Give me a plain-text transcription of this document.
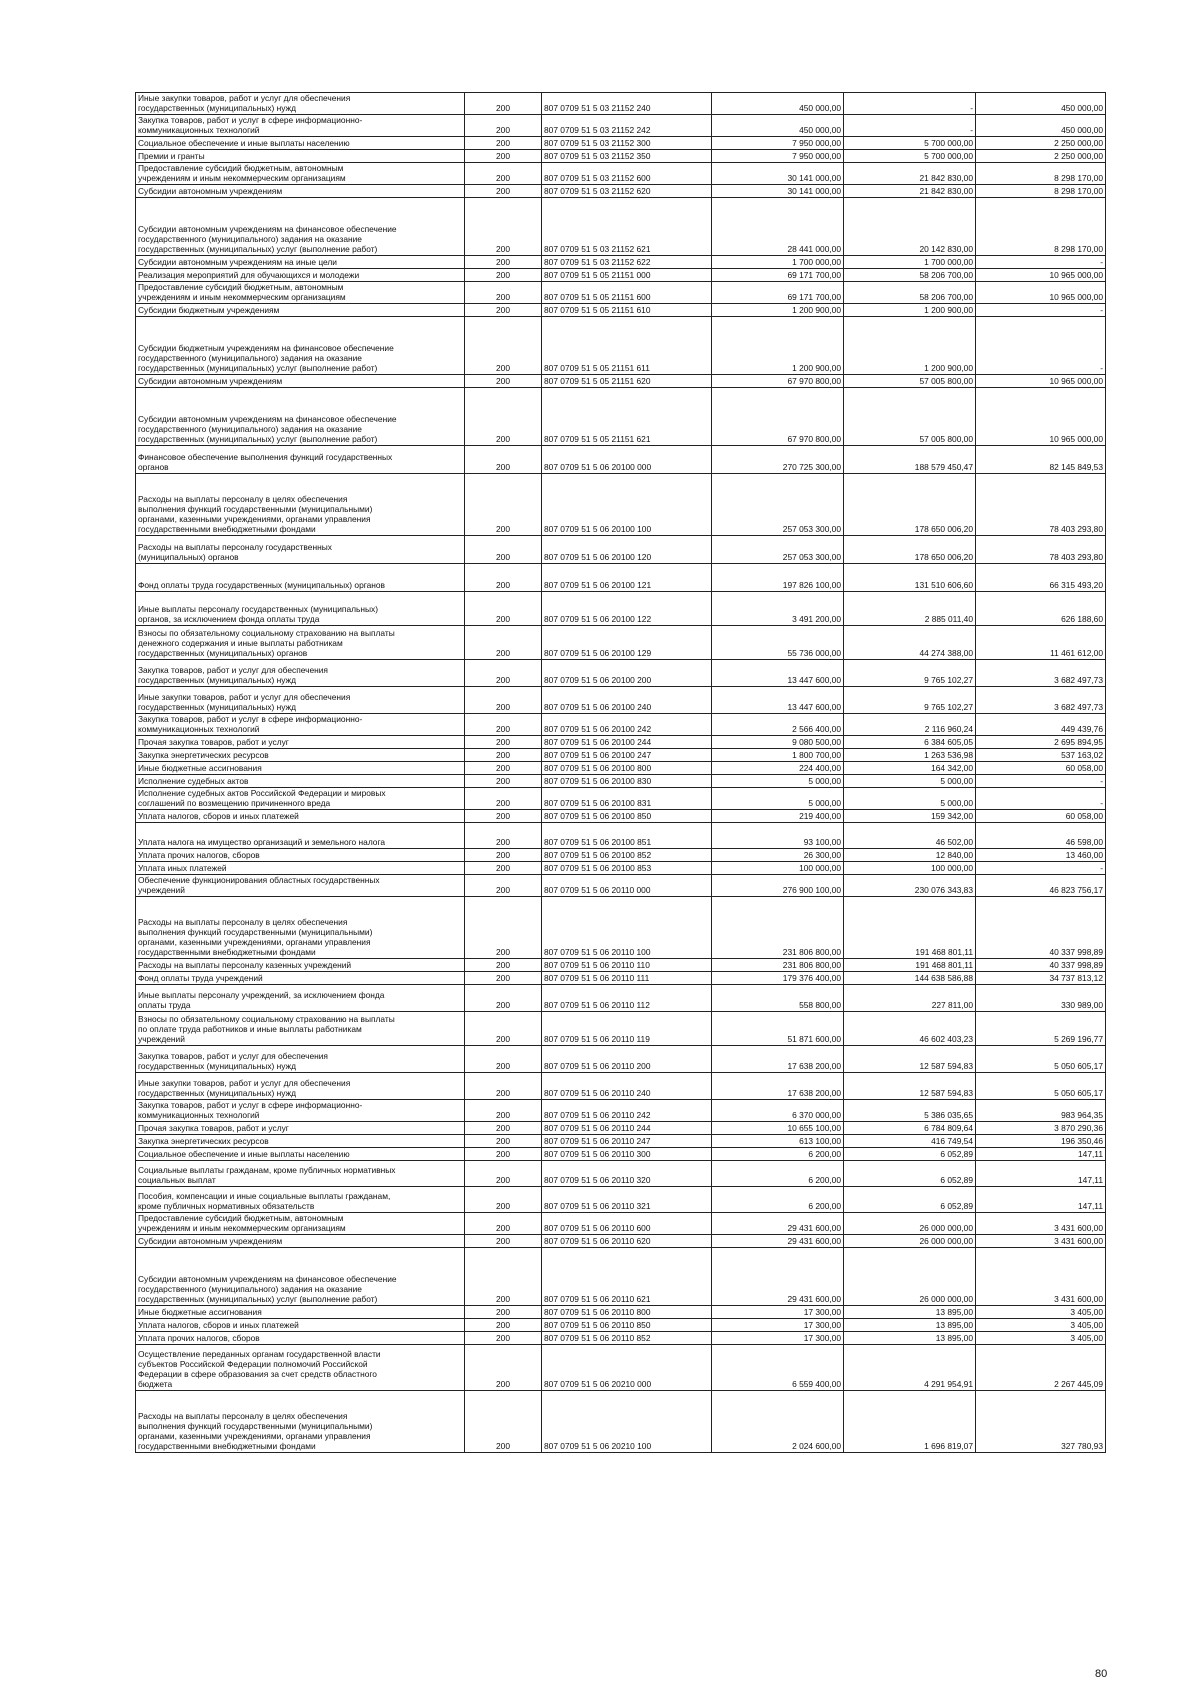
Иные закупки товаров, работ и услуг для обеспечения
государственных (муниципальных) нужд	200	807 0709 51 5 03 21152 240	450 000,00	-	450 000,00
Закупка товаров, работ и услуг в сфере информационно-
коммуникационных технологий	200	807 0709 51 5 03 21152 242	450 000,00	-	450 000,00
Социальное обеспечение и иные выплаты населению	200	807 0709 51 5 03 21152 300	7 950 000,00	5 700 000,00	2 250 000,00
Премии и гранты	200	807 0709 51 5 03 21152 350	7 950 000,00	5 700 000,00	2 250 000,00
Предоставление субсидий бюджетным, автономным
учреждениям и иным некоммерческим организациям	200	807 0709 51 5 03 21152 600	30 141 000,00	21 842 830,00	8 298 170,00
Субсидии автономным учреждениям	200	807 0709 51 5 03 21152 620	30 141 000,00	21 842 830,00	8 298 170,00
Субсидии автономным учреждениям на финансовое обеспечение
государственного (муниципального) задания на оказание
государственных (муниципальных) услуг (выполнение работ)	200	807 0709 51 5 03 21152 621	28 441 000,00	20 142 830,00	8 298 170,00
Субсидии автономным учреждениям на иные цели	200	807 0709 51 5 03 21152 622	1 700 000,00	1 700 000,00	-
Реализация мероприятий для обучающихся и молодежи	200	807 0709 51 5 05 21151 000	69 171 700,00	58 206 700,00	10 965 000,00
Предоставление субсидий бюджетным, автономным
учреждениям и иным некоммерческим организациям	200	807 0709 51 5 05 21151 600	69 171 700,00	58 206 700,00	10 965 000,00
Субсидии бюджетным учреждениям	200	807 0709 51 5 05 21151 610	1 200 900,00	1 200 900,00	-
Субсидии бюджетным учреждениям на финансовое обеспечение
государственного (муниципального) задания на оказание
государственных (муниципальных) услуг (выполнение работ)	200	807 0709 51 5 05 21151 611	1 200 900,00	1 200 900,00	-
Субсидии автономным учреждениям	200	807 0709 51 5 05 21151 620	67 970 800,00	57 005 800,00	10 965 000,00
Субсидии автономным учреждениям на финансовое обеспечение
государственного (муниципального) задания на оказание
государственных (муниципальных) услуг (выполнение работ)	200	807 0709 51 5 05 21151 621	67 970 800,00	57 005 800,00	10 965 000,00
Финансовое обеспечение выполнения функций государственных
органов	200	807 0709 51 5 06 20100 000	270 725 300,00	188 579 450,47	82 145 849,53
Расходы на выплаты персоналу в целях обеспечения
выполнения функций государственными (муниципальными)
органами, казенными учреждениями, органами управления
государственными внебюджетными фондами	200	807 0709 51 5 06 20100 100	257 053 300,00	178 650 006,20	78 403 293,80
Расходы на выплаты персоналу государственных
(муниципальных) органов	200	807 0709 51 5 06 20100 120	257 053 300,00	178 650 006,20	78 403 293,80
Фонд оплаты труда государственных (муниципальных) органов	200	807 0709 51 5 06 20100 121	197 826 100,00	131 510 606,60	66 315 493,20
Иные выплаты персоналу государственных (муниципальных)
органов, за исключением фонда оплаты труда	200	807 0709 51 5 06 20100 122	3 491 200,00	2 885 011,40	626 188,60
Взносы по обязательному социальному страхованию на выплаты
денежного содержания и иные выплаты работникам
государственных (муниципальных) органов	200	807 0709 51 5 06 20100 129	55 736 000,00	44 274 388,00	11 461 612,00
Закупка товаров, работ и услуг для обеспечения
государственных (муниципальных) нужд	200	807 0709 51 5 06 20100 200	13 447 600,00	9 765 102,27	3 682 497,73
Иные закупки товаров, работ и услуг для обеспечения
государственных (муниципальных) нужд	200	807 0709 51 5 06 20100 240	13 447 600,00	9 765 102,27	3 682 497,73
Закупка товаров, работ и услуг в сфере информационно-
коммуникационных технологий	200	807 0709 51 5 06 20100 242	2 566 400,00	2 116 960,24	449 439,76
Прочая закупка товаров, работ и услуг	200	807 0709 51 5 06 20100 244	9 080 500,00	6 384 605,05	2 695 894,95
Закупка энергетических ресурсов	200	807 0709 51 5 06 20100 247	1 800 700,00	1 263 536,98	537 163,02
Иные бюджетные ассигнования	200	807 0709 51 5 06 20100 800	224 400,00	164 342,00	60 058,00
Исполнение судебных актов	200	807 0709 51 5 06 20100 830	5 000,00	5 000,00	-
Исполнение судебных актов Российской Федерации и мировых
соглашений по возмещению причиненного вреда	200	807 0709 51 5 06 20100 831	5 000,00	5 000,00	-
Уплата налогов, сборов и иных платежей	200	807 0709 51 5 06 20100 850	219 400,00	159 342,00	60 058,00
Уплата налога на имущество организаций и земельного налога	200	807 0709 51 5 06 20100 851	93 100,00	46 502,00	46 598,00
Уплата прочих налогов, сборов	200	807 0709 51 5 06 20100 852	26 300,00	12 840,00	13 460,00
Уплата иных платежей	200	807 0709 51 5 06 20100 853	100 000,00	100 000,00	-
Обеспечение функционирования областных государственных
учреждений	200	807 0709 51 5 06 20110 000	276 900 100,00	230 076 343,83	46 823 756,17
Расходы на выплаты персоналу в целях обеспечения
выполнения функций государственными (муниципальными)
органами, казенными учреждениями, органами управления
государственными внебюджетными фондами	200	807 0709 51 5 06 20110 100	231 806 800,00	191 468 801,11	40 337 998,89
Расходы на выплаты персоналу казенных учреждений	200	807 0709 51 5 06 20110 110	231 806 800,00	191 468 801,11	40 337 998,89
Фонд оплаты труда учреждений	200	807 0709 51 5 06 20110 111	179 376 400,00	144 638 586,88	34 737 813,12
Иные выплаты персоналу учреждений, за исключением фонда
оплаты труда	200	807 0709 51 5 06 20110 112	558 800,00	227 811,00	330 989,00
Взносы по обязательному социальному страхованию на выплаты
по оплате труда работников и иные выплаты работникам
учреждений	200	807 0709 51 5 06 20110 119	51 871 600,00	46 602 403,23	5 269 196,77
Закупка товаров, работ и услуг для обеспечения
государственных (муниципальных) нужд	200	807 0709 51 5 06 20110 200	17 638 200,00	12 587 594,83	5 050 605,17
Иные закупки товаров, работ и услуг для обеспечения
государственных (муниципальных) нужд	200	807 0709 51 5 06 20110 240	17 638 200,00	12 587 594,83	5 050 605,17
Закупка товаров, работ и услуг в сфере информационно-
коммуникационных технологий	200	807 0709 51 5 06 20110 242	6 370 000,00	5 386 035,65	983 964,35
Прочая закупка товаров, работ и услуг	200	807 0709 51 5 06 20110 244	10 655 100,00	6 784 809,64	3 870 290,36
Закупка энергетических ресурсов	200	807 0709 51 5 06 20110 247	613 100,00	416 749,54	196 350,46
Социальное обеспечение и иные выплаты населению	200	807 0709 51 5 06 20110 300	6 200,00	6 052,89	147,11
Социальные выплаты гражданам, кроме публичных нормативных
социальных выплат	200	807 0709 51 5 06 20110 320	6 200,00	6 052,89	147,11
Пособия, компенсации и иные социальные выплаты гражданам,
кроме публичных нормативных обязательств	200	807 0709 51 5 06 20110 321	6 200,00	6 052,89	147,11
Предоставление субсидий бюджетным, автономным
учреждениям и иным некоммерческим организациям	200	807 0709 51 5 06 20110 600	29 431 600,00	26 000 000,00	3 431 600,00
Субсидии автономным учреждениям	200	807 0709 51 5 06 20110 620	29 431 600,00	26 000 000,00	3 431 600,00
Субсидии автономным учреждениям на финансовое обеспечение
государственного (муниципального) задания на оказание
государственных (муниципальных) услуг (выполнение работ)	200	807 0709 51 5 06 20110 621	29 431 600,00	26 000 000,00	3 431 600,00
Иные бюджетные ассигнования	200	807 0709 51 5 06 20110 800	17 300,00	13 895,00	3 405,00
Уплата налогов, сборов и иных платежей	200	807 0709 51 5 06 20110 850	17 300,00	13 895,00	3 405,00
Уплата прочих налогов, сборов	200	807 0709 51 5 06 20110 852	17 300,00	13 895,00	3 405,00
Осуществление переданных органам государственной власти
субъектов Российской Федерации полномочий Российской
Федерации в сфере образования за счет средств областного
бюджета	200	807 0709 51 5 06 20210 000	6 559 400,00	4 291 954,91	2 267 445,09
Расходы на выплаты персоналу в целях обеспечения
выполнения функций государственными (муниципальными)
органами, казенными учреждениями, органами управления
государственными внебюджетными фондами	200	807 0709 51 5 06 20210 100	2 024 600,00	1 696 819,07	327 780,93
80
